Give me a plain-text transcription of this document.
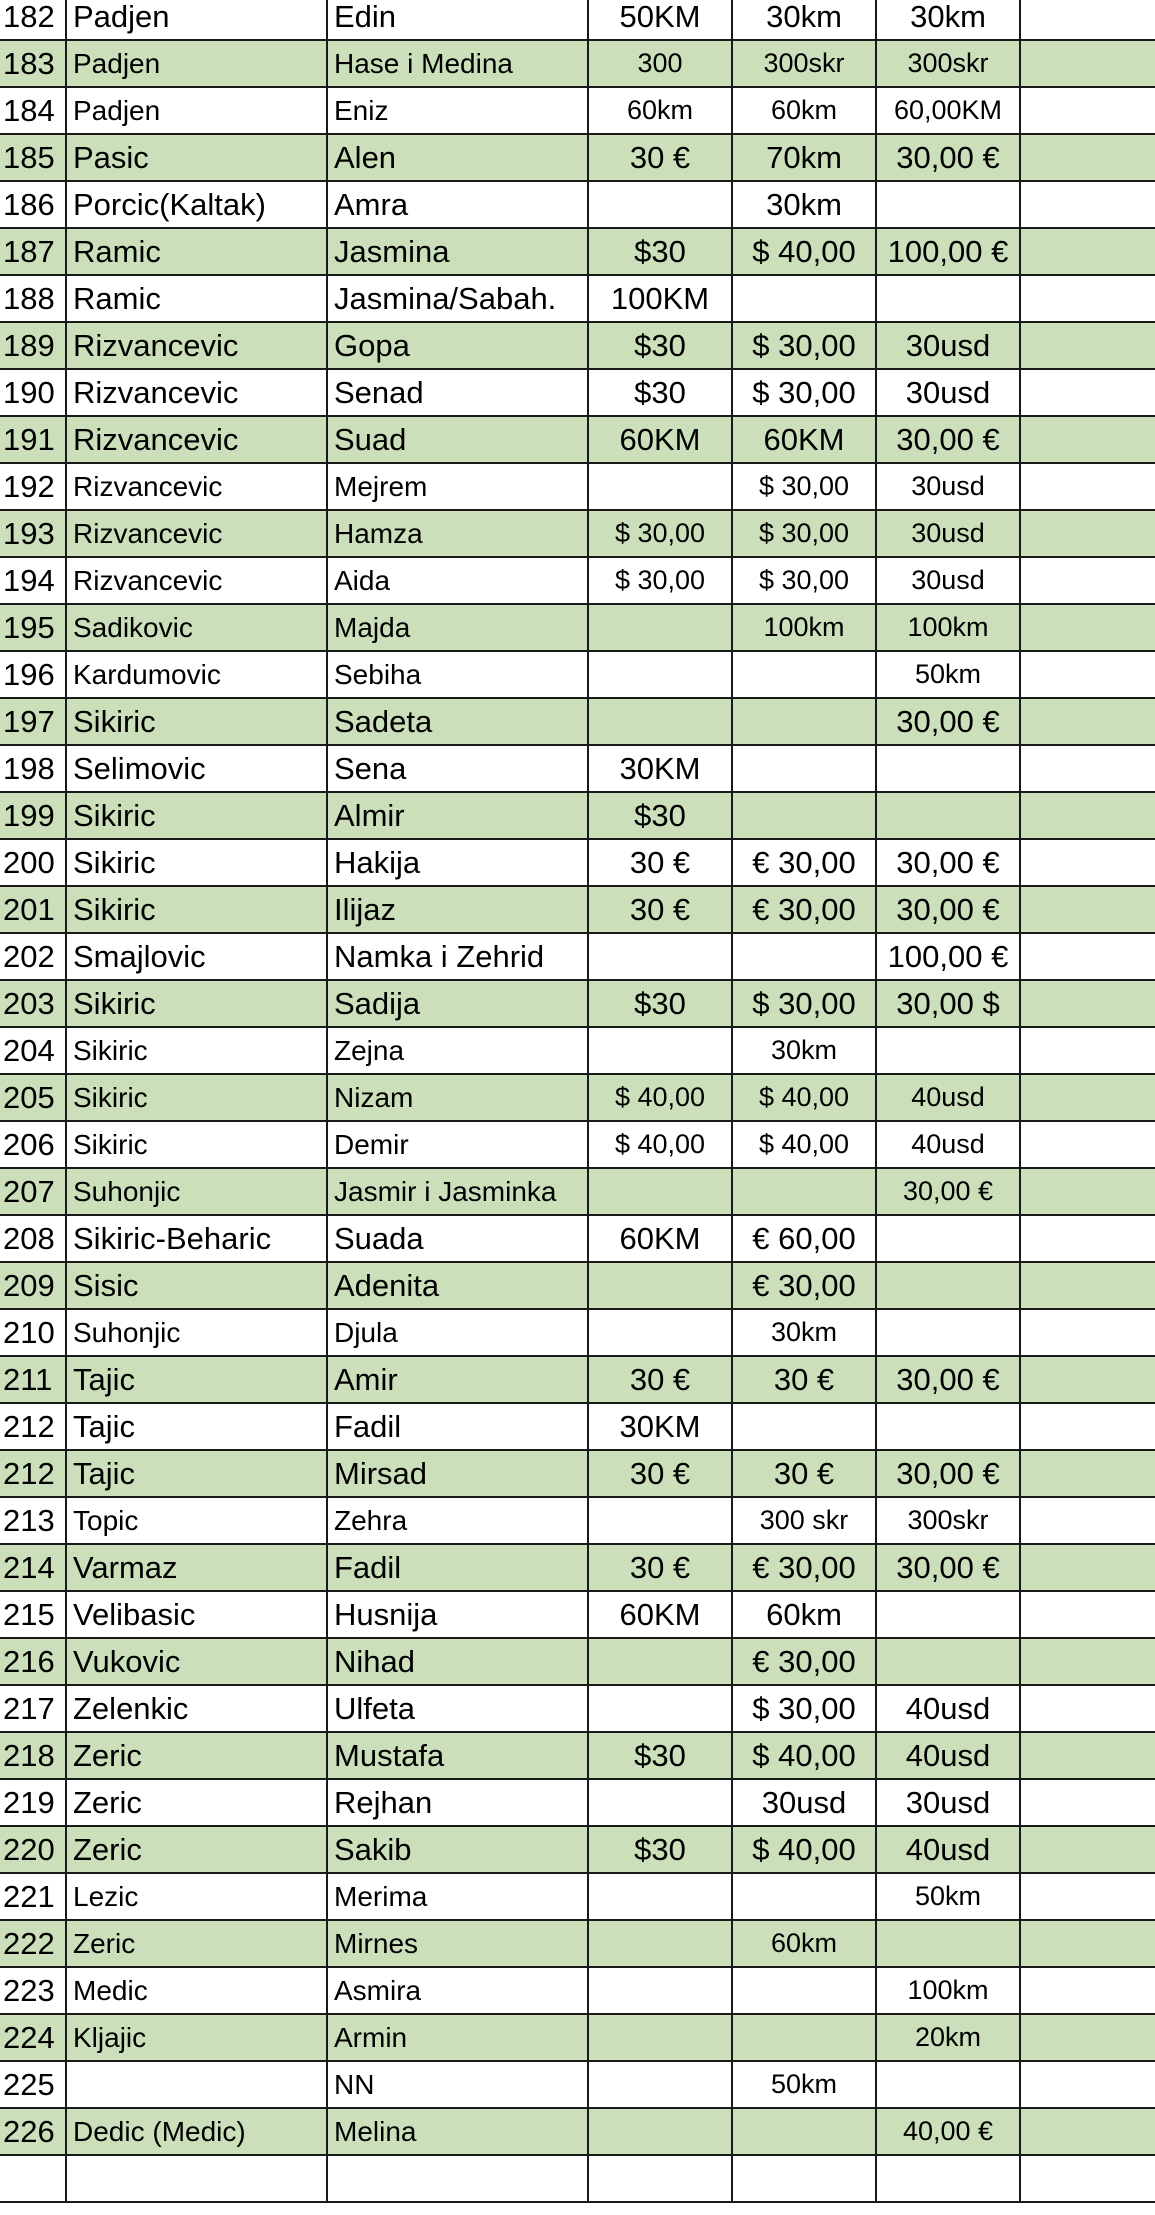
182	Padjen	Edin	50KM	30km	30km	
183	Padjen	Hase i Medina	300	300skr	300skr	
184	Padjen	Eniz	60km	60km	60,00KM	
185	Pasic	Alen	30 €	70km	30,00 €	
186	Porcic(Kaltak)	Amra		30km		
187	Ramic	Jasmina	$30	$ 40,00	100,00 €	
188	Ramic	Jasmina/Sabah.	100KM			
189	Rizvancevic	Gopa	$30	$ 30,00	30usd	
190	Rizvancevic	Senad	$30	$ 30,00	30usd	
191	Rizvancevic	Suad	60KM	60KM	30,00 €	
192	Rizvancevic	Mejrem		$ 30,00	30usd	
193	Rizvancevic	Hamza	$ 30,00	$ 30,00	30usd	
194	Rizvancevic	Aida	$ 30,00	$ 30,00	30usd	
195	Sadikovic	Majda		100km	100km	
196	Kardumovic	Sebiha			50km	
197	Sikiric	Sadeta			30,00 €	
198	Selimovic	Sena	30KM			
199	Sikiric	Almir	$30			
200	Sikiric	Hakija	30 €	€ 30,00	30,00 €	
201	Sikiric	Ilijaz	30 €	€ 30,00	30,00 €	
202	Smajlovic	Namka i Zehrid			100,00 €	
203	Sikiric	Sadija	$30	$ 30,00	30,00 $	
204	Sikiric	Zejna		30km		
205	Sikiric	Nizam	$ 40,00	$ 40,00	40usd	
206	Sikiric	Demir	$ 40,00	$ 40,00	40usd	
207	Suhonjic	Jasmir i Jasminka			30,00 €	
208	Sikiric-Beharic	Suada	60KM	€ 60,00		
209	Sisic	Adenita		€ 30,00		
210	Suhonjic	Djula		30km		
211	Tajic	Amir	30 €	30 €	30,00 €	
212	Tajic	Fadil	30KM			
212	Tajic	Mirsad	30 €	30 €	30,00 €	
213	Topic	Zehra		300 skr	300skr	
214	Varmaz	Fadil	30 €	€ 30,00	30,00 €	
215	Velibasic	Husnija	60KM	60km		
216	Vukovic	Nihad		€ 30,00		
217	Zelenkic	Ulfeta		$ 30,00	40usd	
218	Zeric	Mustafa	$30	$ 40,00	40usd	
219	Zeric	Rejhan		30usd	30usd	
220	Zeric	Sakib	$30	$ 40,00	40usd	
221	Lezic	Merima			50km	
222	Zeric	Mirnes		60km		
223	Medic	Asmira			100km	
224	Kljajic	Armin			20km	
225		NN		50km		
226	Dedic (Medic)	Melina			40,00 €	
